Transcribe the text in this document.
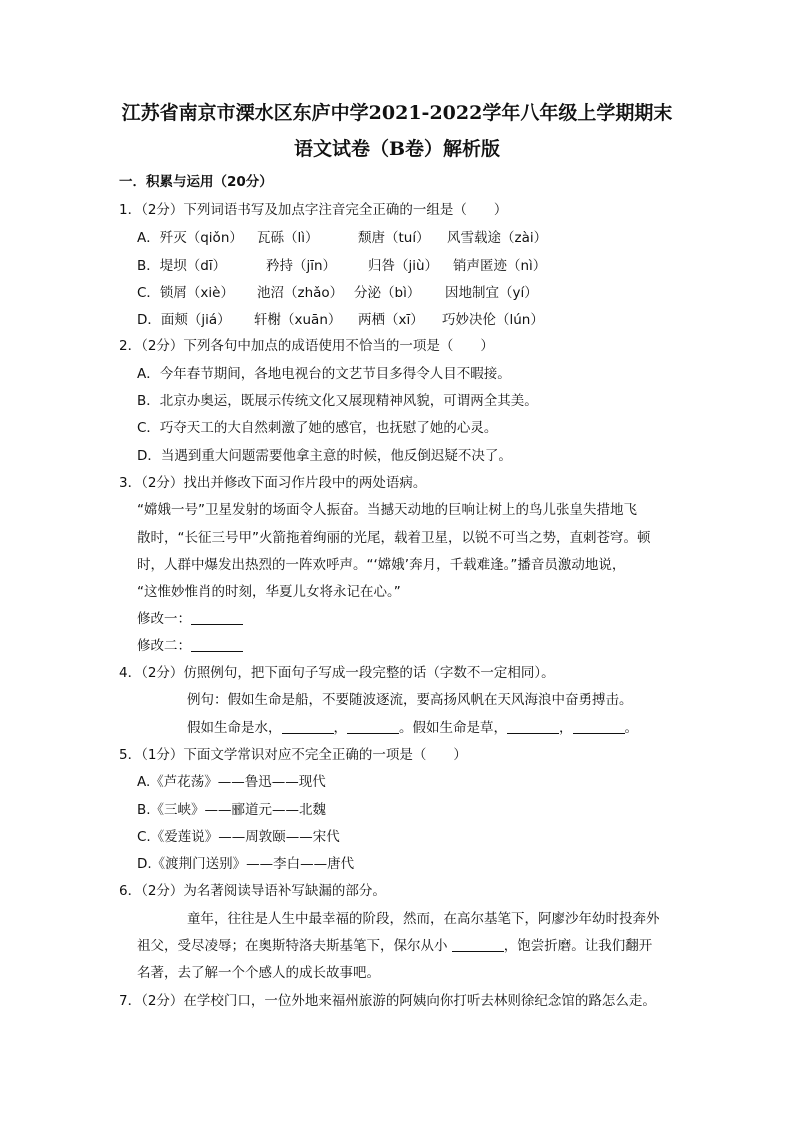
江苏省南京市溧水区东庐中学2021-2022学年八年级上学期期末
语文试卷（B卷）解析版
一．积累与运用（20分）
1．（2分）下列词语书写及加点字注音完全正确的一组是（　　）
A．歼灭（qiǒn） 瓦砾（lì）	颓唐（tuí） 风雪载途（zài）
B．堤坝（dī）	矜持（jīn） 归咎（jiù） 销声匿迹（nì）
C．锁屑（xiè） 池沼（zhǎo） 分泌（bì） 因地制宜（yí）
D．面颊（jiá） 轩榭（xuān） 两栖（xī） 巧妙决伦（lún）
2．（2分）下列各句中加点的成语使用不恰当的一项是（　　）
A．今年春节期间，各地电视台的文艺节目多得令人目不暇接。
B．北京办奥运，既展示传统文化又展现精神风貌，可谓两全其美。
C．巧夺天工的大自然刺激了她的感官，也抚慰了她的心灵。
D．当遇到重大问题需要他拿主意的时候，他反倒迟疑不决了。
3．（2分）找出并修改下面习作片段中的两处语病。
“嫦娥一号”卫星发射的场面令人振奋。当撼天动地的巨响让树上的鸟儿张皇失措地飞
散时，“长征三号甲”火箭拖着绚丽的光尾，载着卫星，以锐不可当之势，直刺苍穹。顿
时，人群中爆发出热烈的一阵欢呼声。“‘嫦娥’奔月，千载难逢。”播音员激动地说，
“这惟妙惟肖的时刻，华夏儿女将永记在心。”
修改一：
修改二：
4．（2分）仿照例句，把下面句子写成一段完整的话（字数不一定相同）。
例句：假如生命是船，不要随波逐流，要高扬风帆在天风海浪中奋勇搏击。
假如生命是水，	，	。假如生命是草，	，	。
5．（1分）下面文学常识对应不完全正确的一项是（　　）
A.《芦花荡》——鲁迅——现代
B.《三峡》——郦道元——北魏
C.《爱莲说》——周敦颐——宋代
D.《渡荆门送别》——李白——唐代
6．（2分）为名著阅读导语补写缺漏的部分。
童年，往往是人生中最幸福的阶段，然而，在高尔基笔下，阿廖沙年幼时投奔外
祖父，受尽凌辱；在奥斯特洛夫斯基笔下，保尔从小	，饱尝折磨。让我们翻开
名著，去了解一个个感人的成长故事吧。
7．（2分）在学校门口，一位外地来福州旅游的阿姨向你打听去林则徐纪念馆的路怎么走。
